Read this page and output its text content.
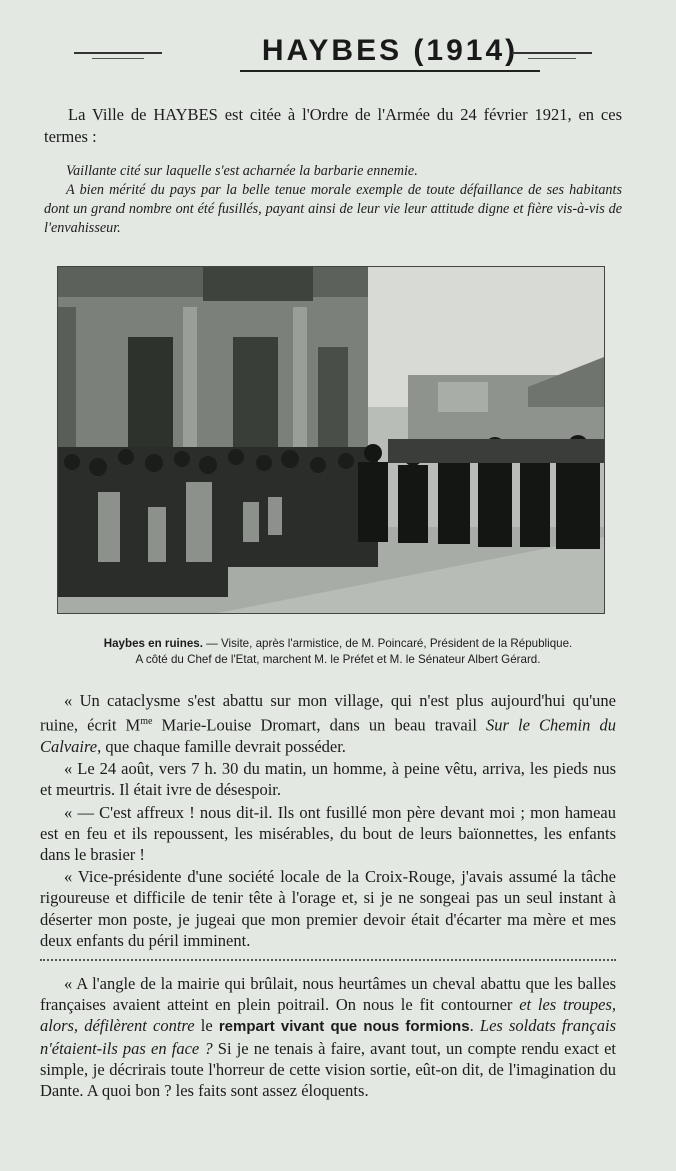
HAYBES (1914)
La Ville de HAYBES est citée à l'Ordre de l'Armée du 24 février 1921, en ces termes :

Vaillante cité sur laquelle s'est acharnée la barbarie ennemie.

A bien mérité du pays par la belle tenue morale exemple de toute défaillance de ses habitants dont un grand nombre ont été fusillés, payant ainsi de leur vie leur attitude digne et fière vis-à-vis de l'envahisseur.

Haybes en ruines. — Visite, après l'armistice, de M. Poincaré, Président de la République.
A côté du Chef de l'Etat, marchent M. le Préfet et M. le Sénateur Albert Gérard.

« Un cataclysme s'est abattu sur mon village, qui n'est plus aujourd'hui qu'une ruine, écrit $M^{me}$ Marie-Louise Dromart, dans un beau travail Sur le Chemin du Calvaire, que chaque famille devrait posséder.

« Le 24 août, vers 7 h. 30 du matin, un homme, à peine vêtu, arriva, les pieds nus et meurtris. Il était ivre de désespoir.

« — C'est affreux ! nous dit-il. Ils ont fusillé mon père devant moi ; mon hameau est en feu et ils repoussent, les misérables, du bout de leurs baïonnettes, les enfants dans le brasier !

« Vice-présidente d'une société locale de la Croix-Rouge, j'avais assumé la tâche rigoureuse et difficile de tenir tête à l'orage et, si je ne songeai pas un seul instant à déserter mon poste, je jugeai que mon premier devoir était d'écarter ma mère et mes deux enfants du péril imminent.

« A l'angle de la mairie qui brûlait, nous heurtâmes un cheval abattu que les balles françaises avaient atteint en plein poitrail. On nous le fit contourner et les troupes, alors, défilèrent contre le rempart vivant que nous formions. Les soldats français n'étaient-ils pas en face ? Si je ne tenais à faire, avant tout, un compte rendu exact et simple, je décrirais toute l'horreur de cette vision sortie, eût-on dit, de l'imagination du Dante. A quoi bon ? les faits sont assez éloquents.
